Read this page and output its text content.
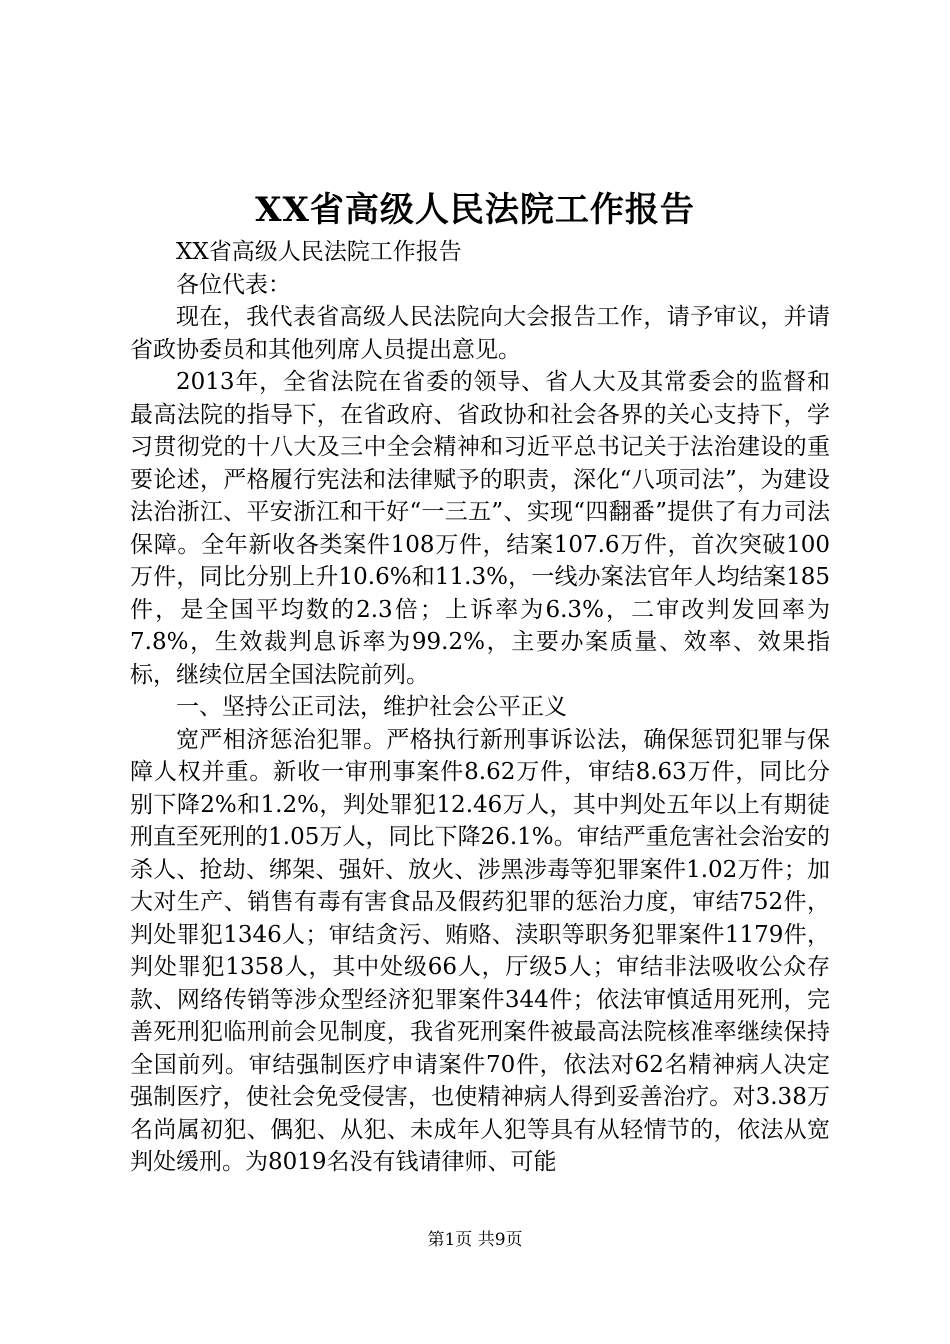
XX省高级人民法院工作报告

XX省高级人民法院工作报告

各位代表：

现在，我代表省高级人民法院向大会报告工作，请予审议，并请省政协委员和其他列席人员提出意见。

2013年，全省法院在省委的领导、省人大及其常委会的监督和最高法院的指导下，在省政府、省政协和社会各界的关心支持下，学习贯彻党的十八大及三中全会精神和习近平总书记关于法治建设的重要论述，严格履行宪法和法律赋予的职责，深化“八项司法”，为建设法治浙江、平安浙江和干好“一三五”、实现“四翻番”提供了有力司法保障。全年新收各类案件108万件，结案107.6万件，首次突破100万件，同比分别上升10.6%和11.3%，一线办案法官年人均结案185件，是全国平均数的2.3倍；上诉率为6.3%，二审改判发回率为7.8%，生效裁判息诉率为99.2%，主要办案质量、效率、效果指标，继续位居全国法院前列。

一、坚持公正司法，维护社会公平正义

宽严相济惩治犯罪。严格执行新刑事诉讼法，确保惩罚犯罪与保障人权并重。新收一审刑事案件8.62万件，审结8.63万件，同比分别下降2%和1.2%，判处罪犯12.46万人，其中判处五年以上有期徒刑直至死刑的1.05万人，同比下降26.1%。审结严重危害社会治安的杀人、抢劫、绑架、强奸、放火、涉黑涉毒等犯罪案件1.02万件；加大对生产、销售有毒有害食品及假药犯罪的惩治力度，审结752件，判处罪犯1346人；审结贪污、贿赂、渎职等职务犯罪案件1179件，判处罪犯1358人，其中处级66人，厅级5人；审结非法吸收公众存款、网络传销等涉众型经济犯罪案件344件；依法审慎适用死刑，完善死刑犯临刑前会见制度，我省死刑案件被最高法院核准率继续保持全国前列。审结强制医疗申请案件70件，依法对62名精神病人决定强制医疗，使社会免受侵害，也使精神病人得到妥善治疗。对3.38万名尚属初犯、偶犯、从犯、未成年人犯等具有从轻情节的，依法从宽判处缓刑。为8019名没有钱请律师、可能

第1页 共9页
